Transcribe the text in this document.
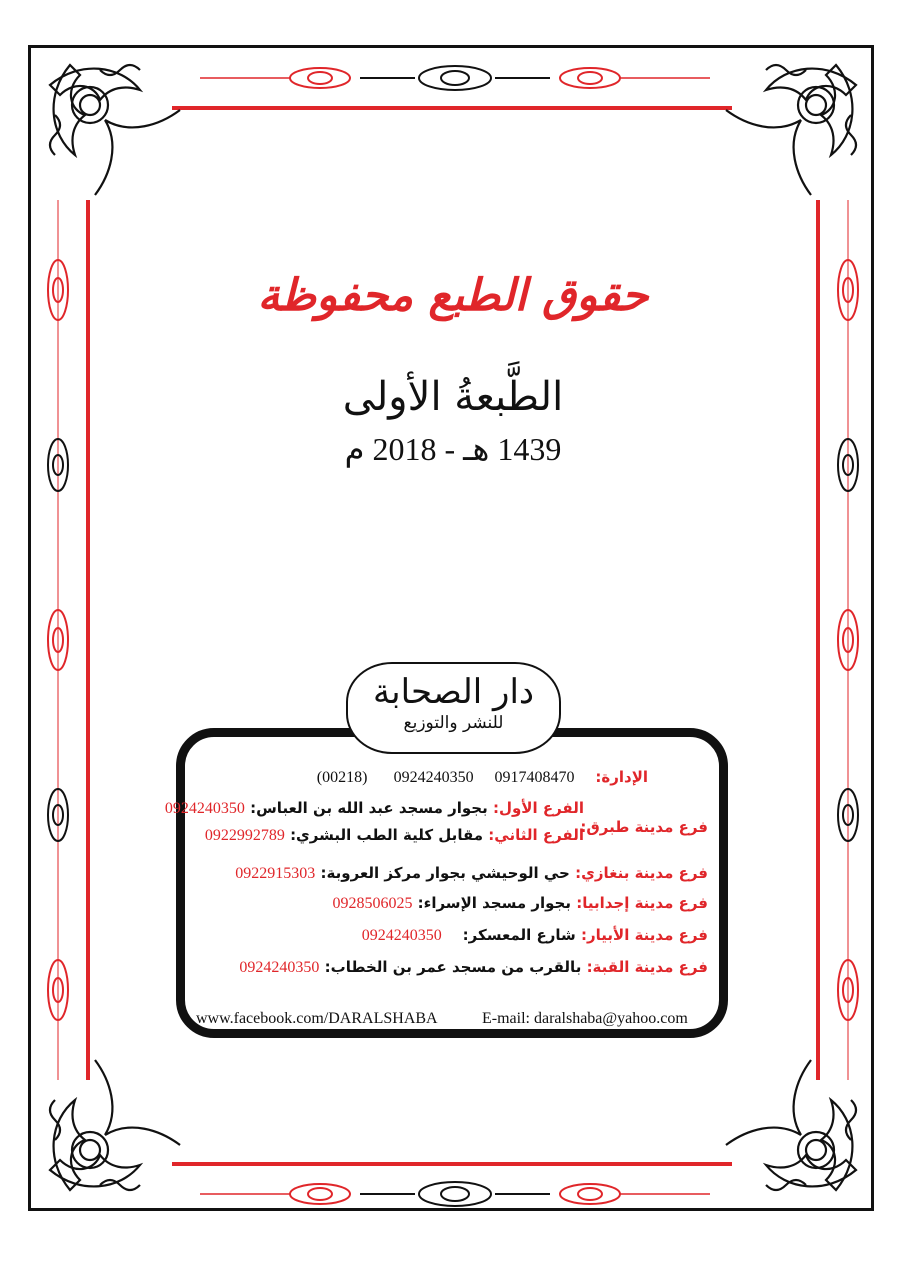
حقوق الطبع محفوظة
الطَّبعةُ الأولى
1439 هـ - 2018 م
دار الصحابة
للنشر والتوزيع
الإدارة:    0917408470    0924240350     (00218)
فرع مدينة طبرق:
الفرع الأول: بجوار مسجد عبد الله بن العباس: 0924240350
الفرع الثاني: مقابل كلية الطب البشري: 0922992789
فرع مدينة بنغازي: حي الوحيشي بجوار مركز العروبة: 0922915303
فرع مدينة إجدابيا: بجوار مسجد الإسراء: 0928506025
فرع مدينة الأبيار: شارع المعسكر:    0924240350
فرع مدينة القبة: بالقرب من مسجد عمر بن الخطاب: 0924240350
www.facebook.com/DARALSHABA	E-mail: daralshaba@yahoo.com
